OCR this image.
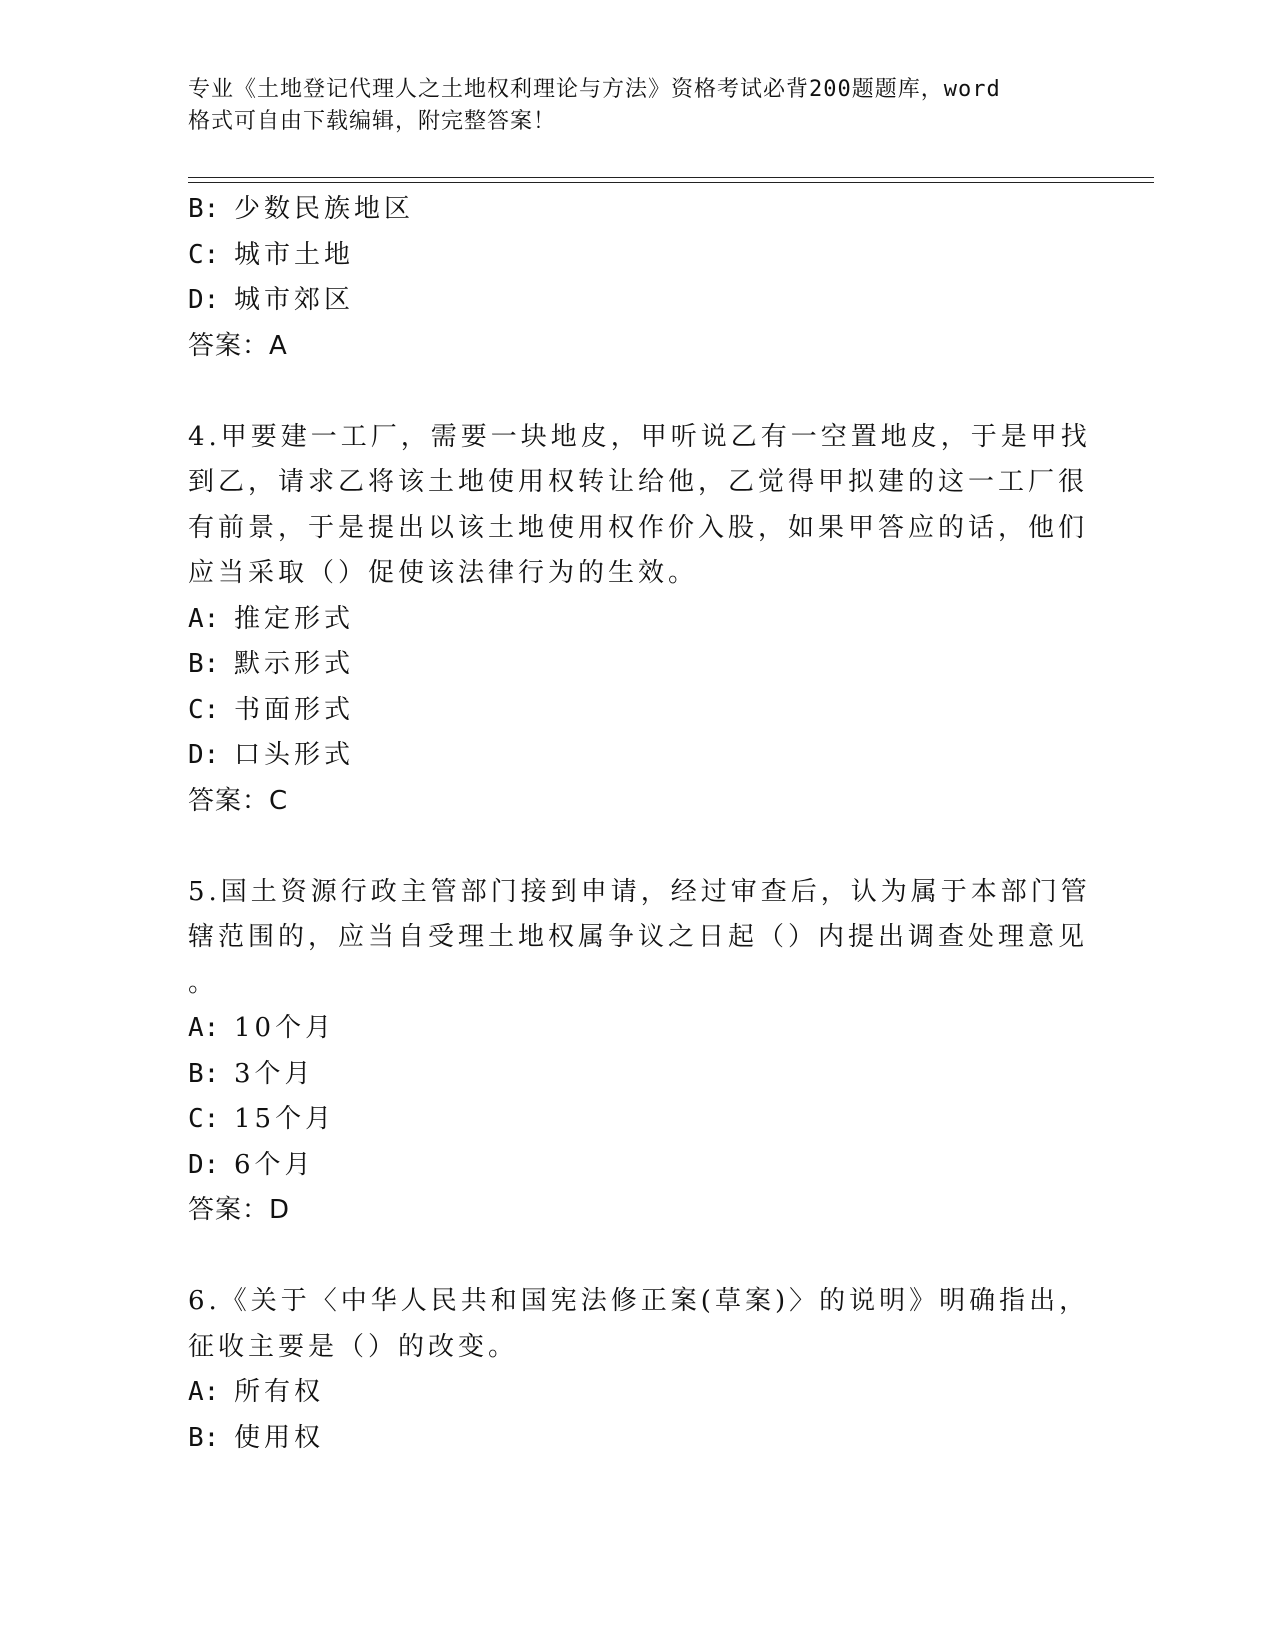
专业《土地登记代理人之土地权利理论与方法》资格考试必背200题题库，word
格式可自由下载编辑，附完整答案！
B: 少数民族地区
C: 城市土地
D: 城市郊区
答案：A
4.甲要建一工厂，需要一块地皮，甲听说乙有一空置地皮，于是甲找
到乙，请求乙将该土地使用权转让给他，乙觉得甲拟建的这一工厂很
有前景，于是提出以该土地使用权作价入股，如果甲答应的话，他们
应当采取（）促使该法律行为的生效。
A: 推定形式
B: 默示形式
C: 书面形式
D: 口头形式
答案：C
5.国土资源行政主管部门接到申请，经过审查后，认为属于本部门管
辖范围的，应当自受理土地权属争议之日起（）内提出调查处理意见
。
A: 10个月
B: 3个月
C: 15个月
D: 6个月
答案：D
6.《关于〈中华人民共和国宪法修正案(草案)〉的说明》明确指出，
征收主要是（）的改变。
A: 所有权
B: 使用权
